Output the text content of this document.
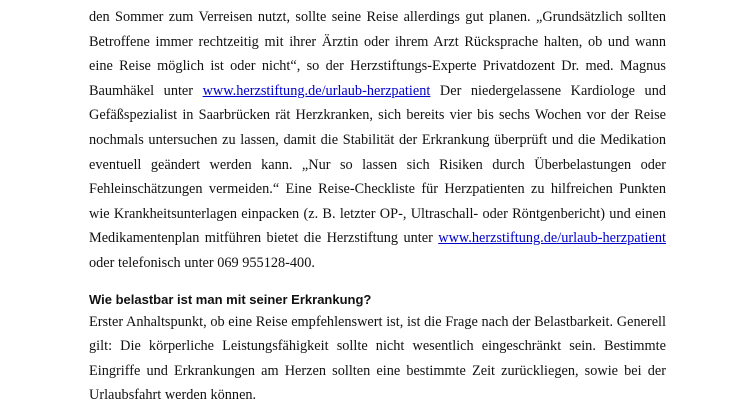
den Sommer zum Verreisen nutzt, sollte seine Reise allerdings gut planen. „Grundsätzlich sollten Betroffene immer rechtzeitig mit ihrer Ärztin oder ihrem Arzt Rücksprache halten, ob und wann eine Reise möglich ist oder nicht“, so der Herzstiftungs-Experte Privatdozent Dr. med. Magnus Baumhäkel unter www.herzstiftung.de/urlaub-herzpatient Der niedergelassene Kardiologe und Gefäßspezialist in Saarbrücken rät Herzkranken, sich bereits vier bis sechs Wochen vor der Reise nochmals untersuchen zu lassen, damit die Stabilität der Erkrankung überprüft und die Medikation eventuell geändert werden kann. „Nur so lassen sich Risiken durch Überbelastungen oder Fehleinschätzungen vermeiden.“ Eine Reise-Checkliste für Herzpatienten zu hilfreichen Punkten wie Krankheitsunterlagen einpacken (z. B. letzter OP-, Ultraschall- oder Röntgenbericht) und einen Medikamentenplan mitführen bietet die Herzstiftung unter www.herzstiftung.de/urlaub-herzpatient oder telefonisch unter 069 955128-400.

Wie belastbar ist man mit seiner Erkrankung?

Erster Anhaltspunkt, ob eine Reise empfehlenswert ist, ist die Frage nach der Belastbarkeit. Generell gilt: Die körperliche Leistungsfähigkeit sollte nicht wesentlich eingeschränkt sein. Bestimmte Eingriffe und Erkrankungen am Herzen sollten eine bestimmte Zeit zurückliegen, sowie bei der Urlaubsfahrt werden können.
